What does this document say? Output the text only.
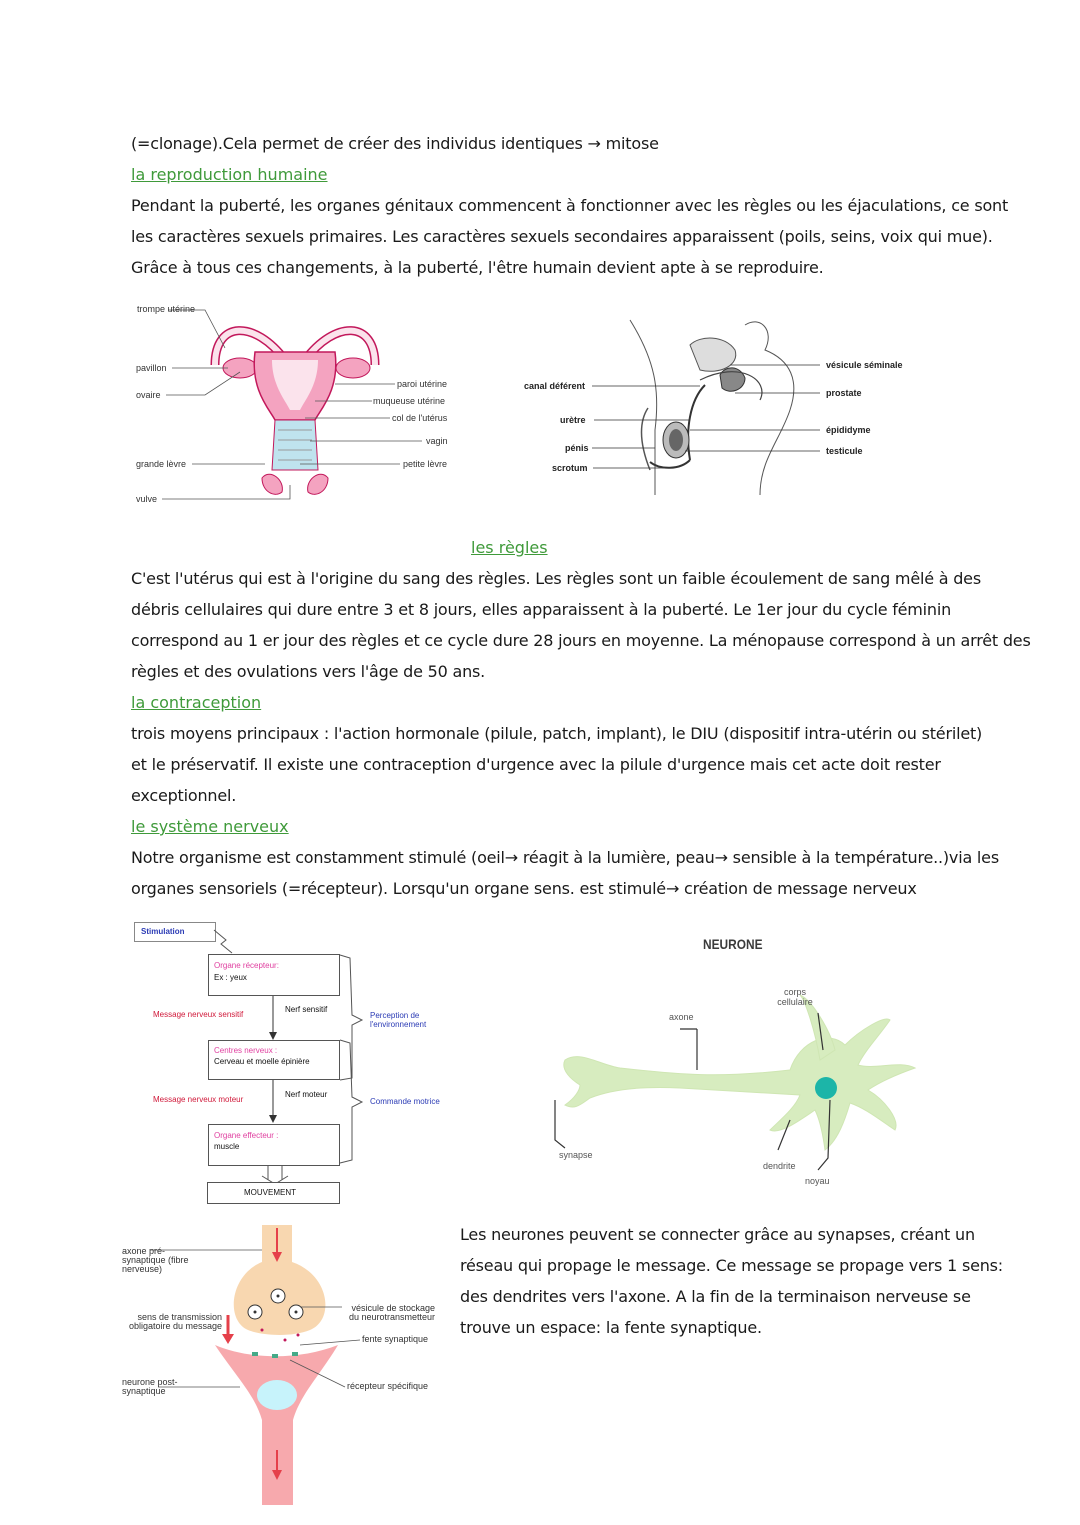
(=clonage).Cela permet de créer des individus identiques → mitose
la reproduction humaine
Pendant la puberté, les organes génitaux commencent à fonctionner avec les règles ou les éjaculations, ce sont
les caractères sexuels primaires. Les caractères sexuels secondaires apparaissent (poils, seins, voix qui mue).
Grâce à tous ces changements, à la puberté, l'être humain devient apte à se reproduire.
trompe utérine
pavillon
ovaire
grande lèvre
vulve
paroi utérine
muqueuse utérine
col de l'utérus
vagin
petite lèvre
canal déférent
urètre
pénis
scrotum
vésicule séminale
prostate
épididyme
testicule
les règles
C'est l'utérus qui est à l'origine du sang des règles. Les règles sont un faible écoulement de sang mêlé à des
débris cellulaires qui dure entre 3 et 8 jours, elles apparaissent à la puberté. Le 1er jour du cycle féminin
correspond au 1 er jour des règles et ce cycle dure 28 jours en moyenne. La ménopause correspond à un arrêt des
règles et des ovulations vers l'âge de 50 ans.
la contraception
trois moyens principaux : l'action hormonale (pilule, patch, implant), le DIU (dispositif intra-utérin ou stérilet)
et le préservatif. Il existe une contraception d'urgence avec la pilule d'urgence mais cet acte doit rester
exceptionnel.
le système nerveux
Notre organisme est constamment stimulé (oeil→ réagit à la lumière, peau→ sensible à la température..)via les
organes sensoriels (=récepteur). Lorsqu'un organe sens. est stimulé→ création de message nerveux
Stimulation
Organe récepteur:
Ex : yeux
Message nerveux sensitif
Nerf sensitif
Perception de l'environnement
Centres nerveux :
Cerveau et moelle épinière
Message nerveux moteur
Nerf moteur
Commande motrice
Organe effecteur :
muscle
MOUVEMENT
NEURONE
corps cellulaire
axone
synapse
dendrite
noyau
axone pré-synaptique (fibre nerveuse)
sens de transmission obligatoire du message
neurone post-synaptique
vésicule de stockage du neurotransmetteur
fente synaptique
récepteur spécifique
Les neurones peuvent se connecter grâce au synapses, créant un
réseau qui propage le message. Ce message se propage vers 1 sens:
des dendrites vers l'axone. A la fin de la terminaison nerveuse se
trouve un espace: la fente synaptique.
